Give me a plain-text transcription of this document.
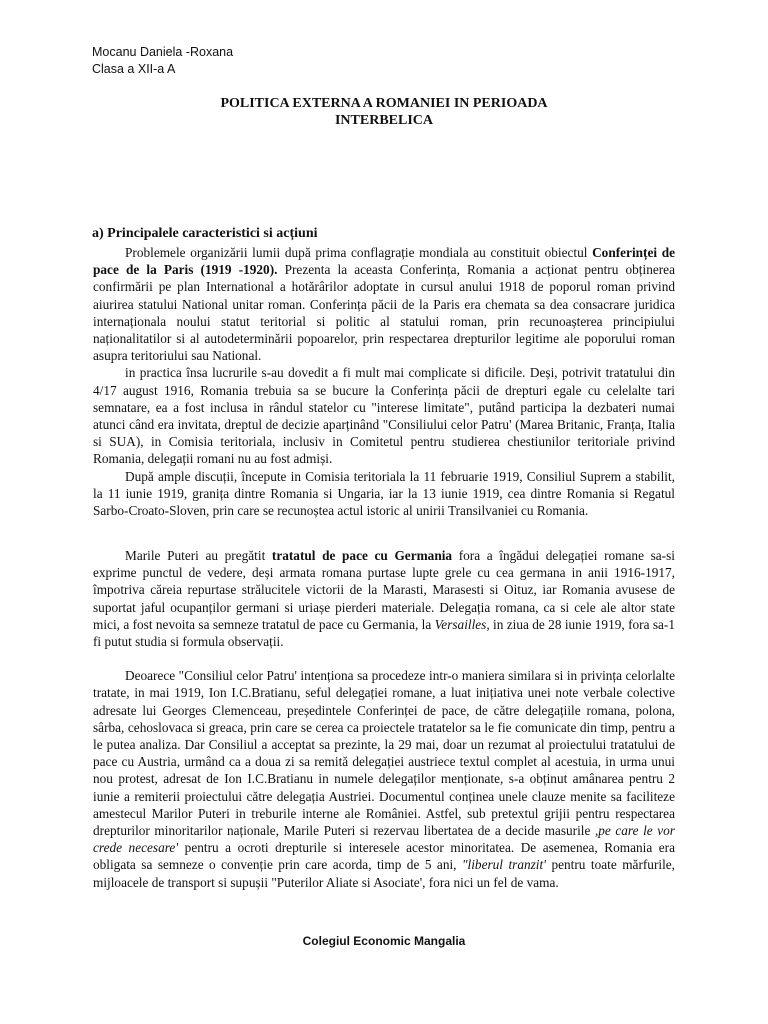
Mocanu Daniela -Roxana
Clasa a XII-a A
POLITICA EXTERNA A ROMANIEI IN PERIOADA
INTERBELICA
a) Principalele caracteristici si acțiuni

Problemele organizării lumii după prima conflagrație mondiala au constituit obiectul Conferinței de pace de la Paris (1919 -1920). Prezenta la aceasta Conferința, Romania a acționat pentru obținerea confirmării pe plan International a hotărârilor adoptate in cursul anului 1918 de poporul roman privind aiurirea statului National unitar roman. Conferința păcii de la Paris era chemata sa dea consacrare juridica internaționala noului statut teritorial si politic al statului roman, prin recunoașterea principiului naționalitatilor si al autodeterminării popoarelor, prin respectarea drepturilor legitime ale poporului roman asupra teritoriului sau National.

in practica însa lucrurile s-au dovedit a fi mult mai complicate si dificile. Deși, potrivit tratatului din 4/17 august 1916, Romania trebuia sa se bucure la Conferința păcii de drepturi egale cu celelalte tari semnatare, ea a fost inclusa in rândul statelor cu "interese limitate", putând participa la dezbateri numai atunci când era invitata, dreptul de decizie aparținând "Consiliului celor Patru' (Marea Britanic, Franța, Italia si SUA), in Comisia teritoriala, inclusiv in Comitetul pentru studierea chestiunilor teritoriale privind Romania, delegații romani nu au fost admiși.

După ample discuții, începute in Comisia teritoriala la 11 februarie 1919, Consiliul Suprem a stabilit, la 11 iunie 1919, granița dintre Romania si Ungaria, iar la 13 iunie 1919, cea dintre Romania si Regatul Sarbo-Croato-Sloven, prin care se recunoștea actul istoric al unirii Transilvaniei cu Romania.

Marile Puteri au pregătit tratatul de pace cu Germania fora a îngădui delegației romane sa-si exprime punctul de vedere, deși armata romana purtase lupte grele cu cea germana in anii 1916-1917, împotriva căreia repurtase strălucitele victorii de la Marasti, Marasesti si Oituz, iar Romania avusese de suportat jaful ocupanților germani si uriașe pierderi materiale. Delegația romana, ca si cele ale altor state mici, a fost nevoita sa semneze tratatul de pace cu Germania, la Versailles, in ziua de 28 iunie 1919, fora sa-1 fi putut studia si formula observații.

Deoarece "Consiliul celor Patru' intenționa sa procedeze intr-o maniera similara si in privința celorlalte tratate, in mai 1919, Ion I.C.Bratianu, seful delegației romane, a luat inițiativa unei note verbale colective adresate lui Georges Clemenceau, președintele Conferinței de pace, de către delegațiile romana, polona, sârba, cehoslovaca si greaca, prin care se cerea ca proiectele tratatelor sa le fie comunicate din timp, pentru a le putea analiza. Dar Consiliul a acceptat sa prezinte, la 29 mai, doar un rezumat al proiectului tratatului de pace cu Austria, urmând ca a doua zi sa remită delegației austriece textul complet al acestuia, in urma unui nou protest, adresat de Ion I.C.Bratianu in numele delegaților menționate, s-a obținut amânarea pentru 2 iunie a remiterii proiectului către delegația Austriei. Documentul conținea unele clauze menite sa faciliteze amestecul Marilor Puteri in treburile interne ale României. Astfel, sub pretextul grijii pentru respectarea drepturilor minoritarilor naționale, Marile Puteri si rezervau libertatea de a decide masurile ,pe care le vor crede necesare' pentru a ocroti drepturile si interesele acestor minoritatea. De asemenea, Romania era obligata sa semneze o convenție prin care acorda, timp de 5 ani, "liberul tranzit' pentru toate mărfurile, mijloacele de transport si supușii "Puterilor Aliate si Asociate', fora nici un fel de vama.

Colegiul Economic Mangalia
